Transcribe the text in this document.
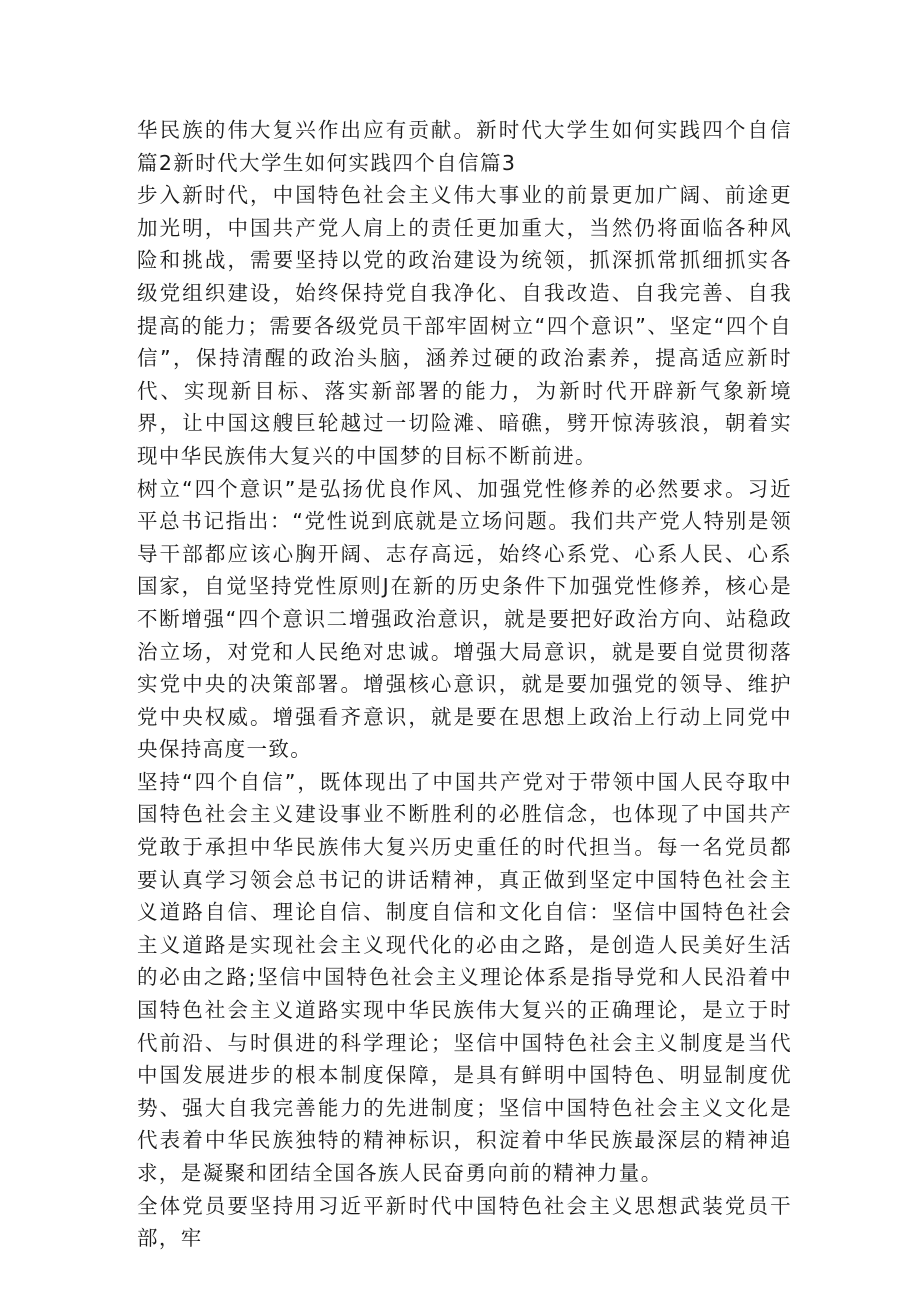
华民族的伟大复兴作出应有贡献。新时代大学生如何实践四个自信篇2新时代大学生如何实践四个自信篇3

步入新时代，中国特色社会主义伟大事业的前景更加广阔、前途更加光明，中国共产党人肩上的责任更加重大，当然仍将面临各种风险和挑战，需要坚持以党的政治建设为统领，抓深抓常抓细抓实各级党组织建设，始终保持党自我净化、自我改造、自我完善、自我提高的能力；需要各级党员干部牢固树立“四个意识”、坚定“四个自信”，保持清醒的政治头脑，涵养过硬的政治素养，提高适应新时代、实现新目标、落实新部署的能力，为新时代开辟新气象新境界，让中国这艘巨轮越过一切险滩、暗礁，劈开惊涛骇浪，朝着实现中华民族伟大复兴的中国梦的目标不断前进。

树立“四个意识”是弘扬优良作风、加强党性修养的必然要求。习近平总书记指出：“党性说到底就是立场问题。我们共产党人特别是领导干部都应该心胸开阔、志存高远，始终心系党、心系人民、心系国家，自觉坚持党性原则J在新的历史条件下加强党性修养，核心是不断增强“四个意识二增强政治意识，就是要把好政治方向、站稳政治立场，对党和人民绝对忠诚。增强大局意识，就是要自觉贯彻落实党中央的决策部署。增强核心意识，就是要加强党的领导、维护党中央权威。增强看齐意识，就是要在思想上政治上行动上同党中央保持高度一致。

坚持“四个自信”，既体现出了中国共产党对于带领中国人民夺取中国特色社会主义建设事业不断胜利的必胜信念，也体现了中国共产党敢于承担中华民族伟大复兴历史重任的时代担当。每一名党员都要认真学习领会总书记的讲话精神，真正做到坚定中国特色社会主义道路自信、理论自信、制度自信和文化自信：坚信中国特色社会主义道路是实现社会主义现代化的必由之路，是创造人民美好生活的必由之路;坚信中国特色社会主义理论体系是指导党和人民沿着中国特色社会主义道路实现中华民族伟大复兴的正确理论，是立于时代前沿、与时俱进的科学理论；坚信中国特色社会主义制度是当代中国发展进步的根本制度保障，是具有鲜明中国特色、明显制度优势、强大自我完善能力的先进制度；坚信中国特色社会主义文化是代表着中华民族独特的精神标识，积淀着中华民族最深层的精神追求，是凝聚和团结全国各族人民奋勇向前的精神力量。

全体党员要坚持用习近平新时代中国特色社会主义思想武装党员干部，牢
